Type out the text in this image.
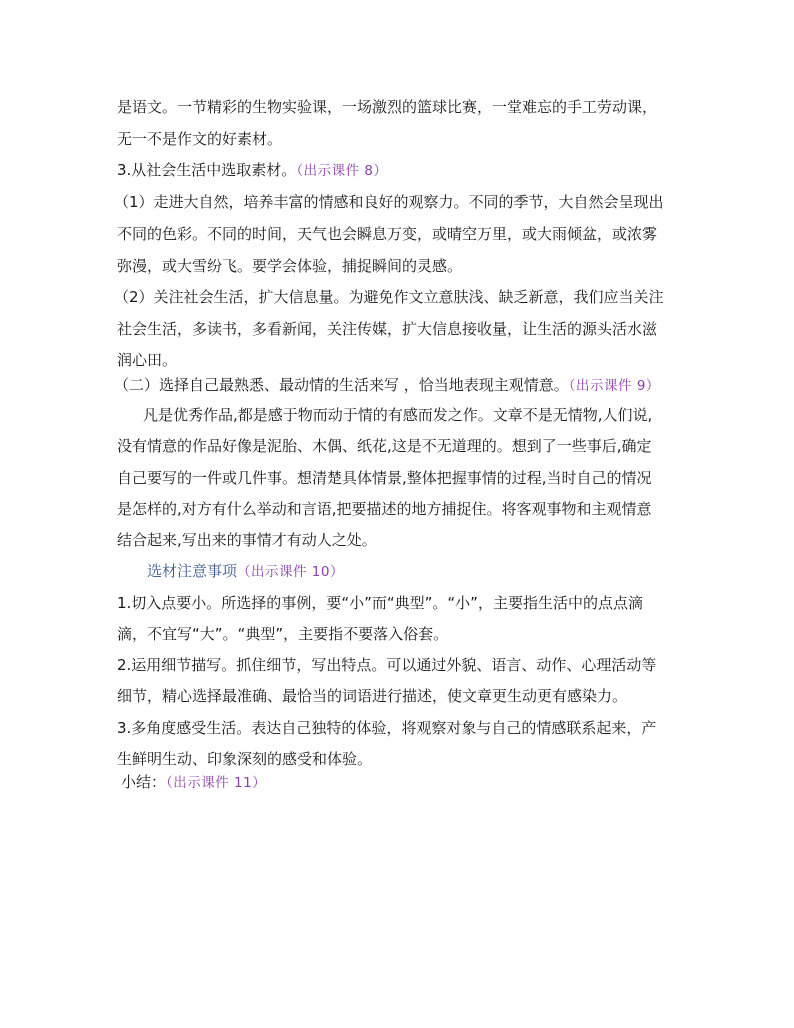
是语文。一节精彩的生物实验课，一场激烈的篮球比赛，一堂难忘的手工劳动课，
无一不是作文的好素材。
3.从社会生活中选取素材。（出示课件 8）
（1）走进大自然，培养丰富的情感和良好的观察力。不同的季节，大自然会呈现出
不同的色彩。不同的时间，天气也会瞬息万变，或晴空万里，或大雨倾盆，或浓雾
弥漫，或大雪纷飞。要学会体验，捕捉瞬间的灵感。
（2）关注社会生活，扩大信息量。为避免作文立意肤浅、缺乏新意，我们应当关注
社会生活，多读书，多看新闻，关注传媒，扩大信息接收量，让生活的源头活水滋
润心田。
（二）选择自己最熟悉、最动情的生活来写 ，恰当地表现主观情意。（出示课件 9）
凡是优秀作品,都是感于物而动于情的有感而发之作。文章不是无情物,人们说,
没有情意的作品好像是泥胎、木偶、纸花,这是不无道理的。想到了一些事后,确定
自己要写的一件或几件事。想清楚具体情景,整体把握事情的过程,当时自己的情况
是怎样的,对方有什么举动和言语,把要描述的地方捕捉住。将客观事物和主观情意
结合起来,写出来的事情才有动人之处。
选材注意事项（出示课件 10）
1.切入点要小。所选择的事例，要“小”而“典型”。“小”，主要指生活中的点点滴
滴，不宜写“大”。“典型”，主要指不要落入俗套。
2.运用细节描写。抓住细节，写出特点。可以通过外貌、语言、动作、心理活动等
细节，精心选择最准确、最恰当的词语进行描述，使文章更生动更有感染力。
3.多角度感受生活。表达自己独特的体验，将观察对象与自己的情感联系起来，产
生鲜明生动、印象深刻的感受和体验。
小结：（出示课件 11）
